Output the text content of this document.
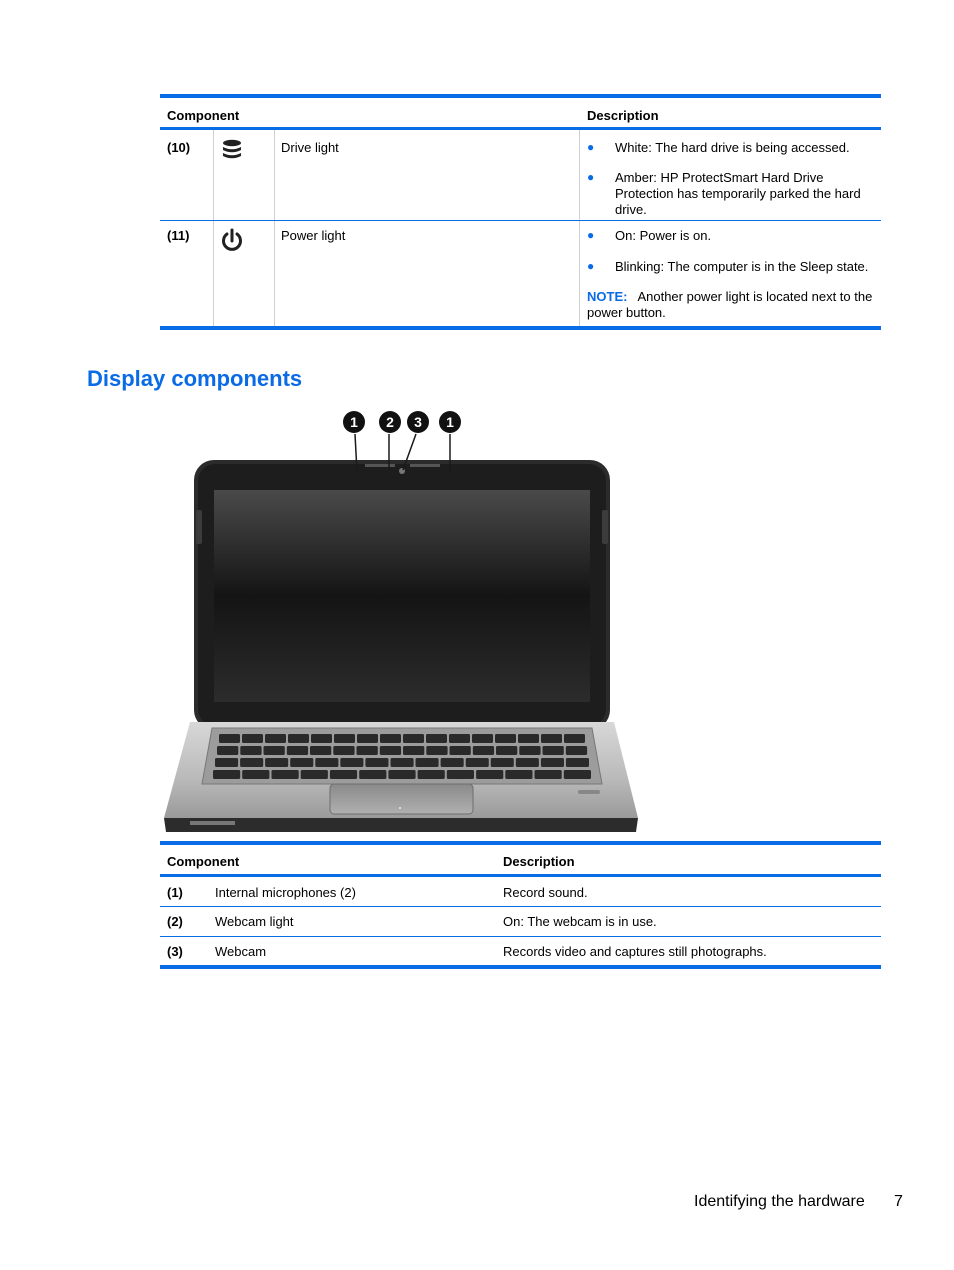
Component	Description
(10)	Drive light	● White: The hard drive is being accessed.
● Amber: HP ProtectSmart Hard Drive Protection has temporarily parked the hard drive.
(11)	Power light	● On: Power is on.
● Blinking: The computer is in the Sleep state.
NOTE: Another power light is located next to the power button.
Display components
1 2 3 1
Component	Description
(1) Internal microphones (2)	Record sound.
(2) Webcam light	On: The webcam is in use.
(3) Webcam	Records video and captures still photographs.
Identifying the hardware 7
